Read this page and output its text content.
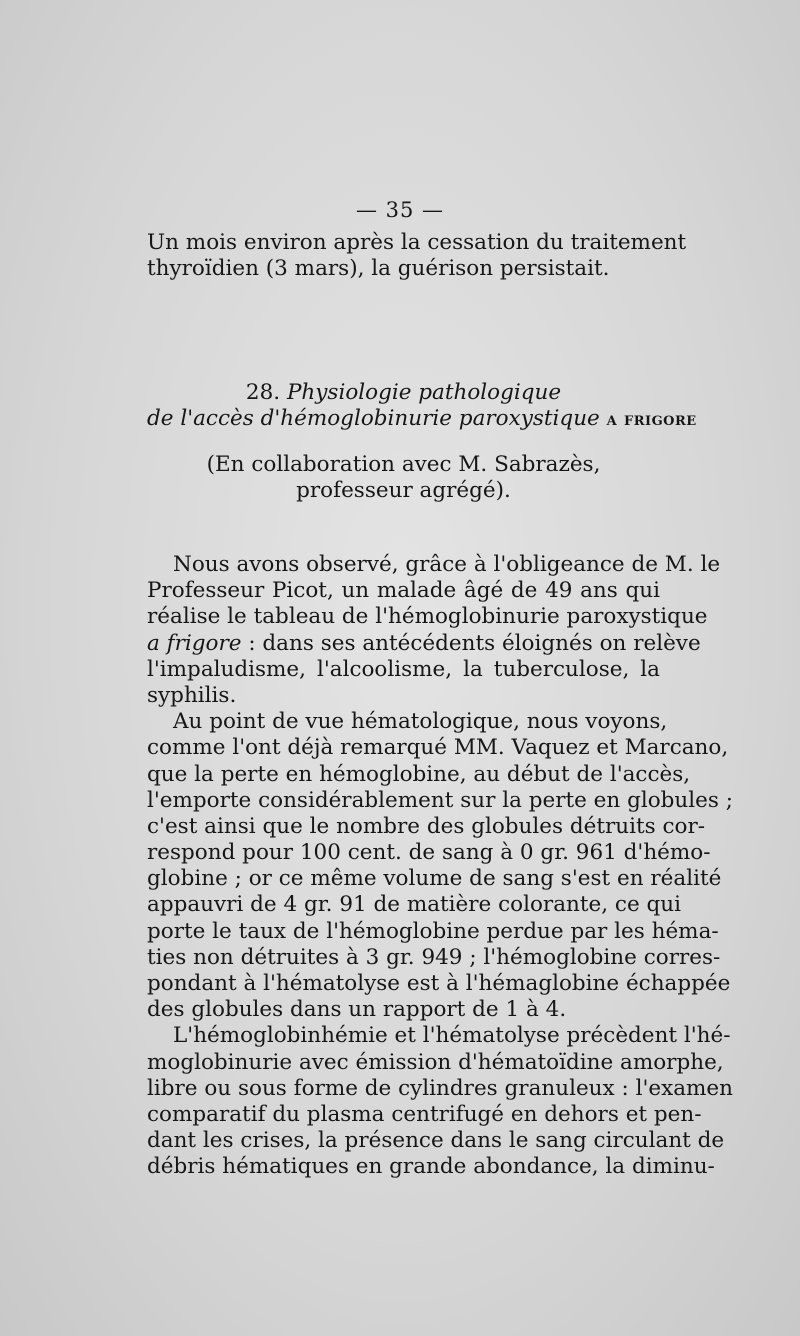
— 35 —
Un mois environ après la cessation du traitement
thyroïdien (3 mars), la guérison persistait.
28. Physiologie pathologique
de l'accès d'hémoglobinurie paroxystique a frigore
(En collaboration avec M. Sabrazès,
professeur agrégé).
Nous avons observé, grâce à l'obligeance de M. le
Professeur Picot, un malade âgé de 49 ans qui
réalise le tableau de l'hémoglobinurie paroxystique
a frigore : dans ses antécédents éloignés on relève
l'impaludisme, l'alcoolisme, la tuberculose, la
syphilis.
Au point de vue hématologique, nous voyons,
comme l'ont déjà remarqué MM. Vaquez et Marcano,
que la perte en hémoglobine, au début de l'accès,
l'emporte considérablement sur la perte en globules ;
c'est ainsi que le nombre des globules détruits cor-
respond pour 100 cent. de sang à 0 gr. 961 d'hémo-
globine ; or ce même volume de sang s'est en réalité
appauvri de 4 gr. 91 de matière colorante, ce qui
porte le taux de l'hémoglobine perdue par les héma-
ties non détruites à 3 gr. 949 ; l'hémoglobine corres-
pondant à l'hématolyse est à l'hémaglobine échappée
des globules dans un rapport de 1 à 4.
L'hémoglobinhémie et l'hématolyse précèdent l'hé-
moglobinurie avec émission d'hématoïdine amorphe,
libre ou sous forme de cylindres granuleux : l'examen
comparatif du plasma centrifugé en dehors et pen-
dant les crises, la présence dans le sang circulant de
débris hématiques en grande abondance, la diminu-
